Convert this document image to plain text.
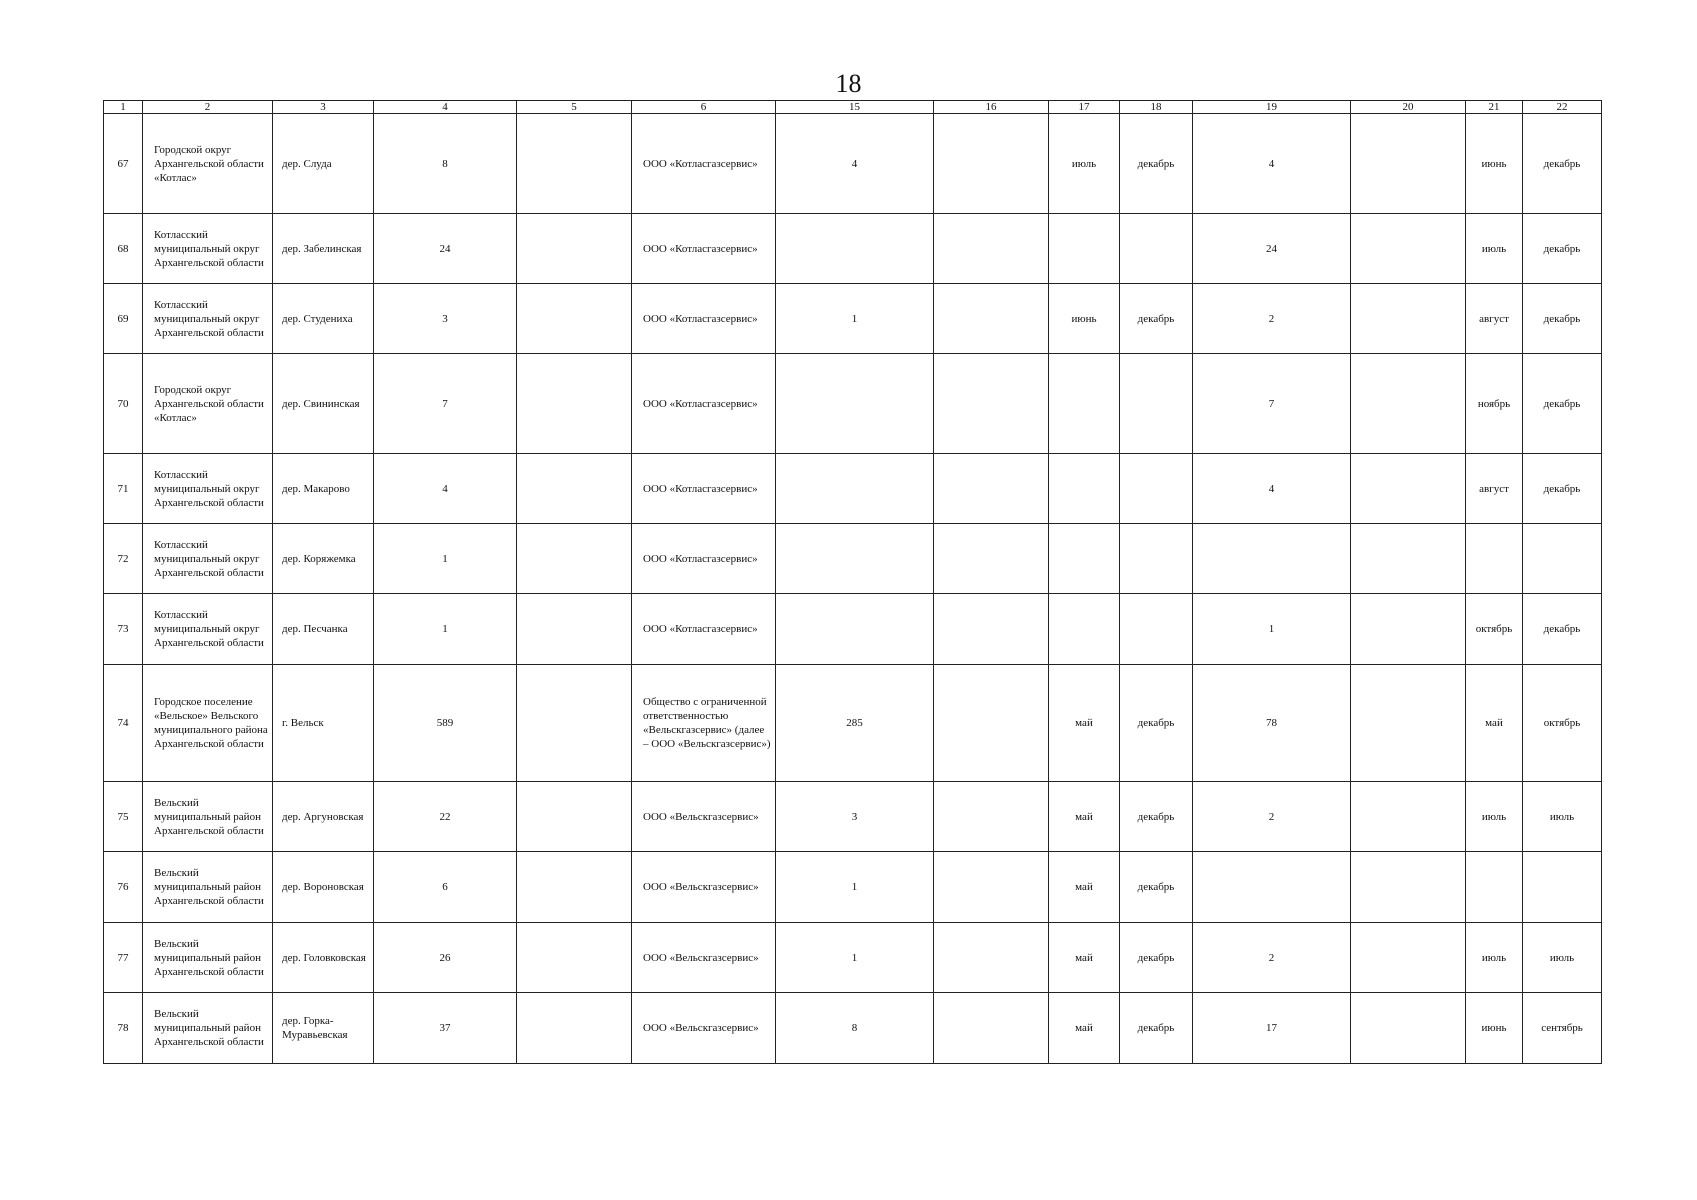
18
1	2	3	4	5	6	15	16	17	18	19	20	21	22

67	Городской округ Архангельской области «Котлас»	дер. Слуда	8		ООО «Котласгазсервис»	4		июль	декабрь	4		июнь	декабрь

68	Котласский муниципальный округ Архангельской области	дер. Забелинская	24		ООО «Котласгазсервис»					24		июль	декабрь

69	Котласский муниципальный округ Архангельской области	дер. Студениха	3		ООО «Котласгазсервис»	1		июнь	декабрь	2		август	декабрь

70	Городской округ Архангельской области «Котлас»	дер. Свининская	7		ООО «Котласгазсервис»					7		ноябрь	декабрь

71	Котласский муниципальный округ Архангельской области	дер. Макарово	4		ООО «Котласгазсервис»					4		август	декабрь

72	Котласский муниципальный округ Архангельской области	дер. Коряжемка	1		ООО «Котласгазсервис»								

73	Котласский муниципальный округ Архангельской области	дер. Песчанка	1		ООО «Котласгазсервис»					1		октябрь	декабрь

74	Городское поселение «Вельское» Вельского муниципального района Архангельской области	г. Вельск	589		Общество с ограниченной ответственностью «Вельскгазсервис» (далее – ООО «Вельскгазсервис»)	285		май	декабрь	78		май	октябрь

75	Вельский муниципальный район Архангельской области	дер. Аргуновская	22		ООО «Вельскгазсервис»	3		май	декабрь	2		июль	июль

76	Вельский муниципальный район Архангельской области	дер. Вороновская	6		ООО «Вельскгазсервис»	1		май	декабрь				

77	Вельский муниципальный район Архангельской области	дер. Головковская	26		ООО «Вельскгазсервис»	1		май	декабрь	2		июль	июль

78	Вельский муниципальный район Архангельской области	дер. Горка-Муравьевская	37		ООО «Вельскгазсервис»	8		май	декабрь	17		июнь	сентябрь
